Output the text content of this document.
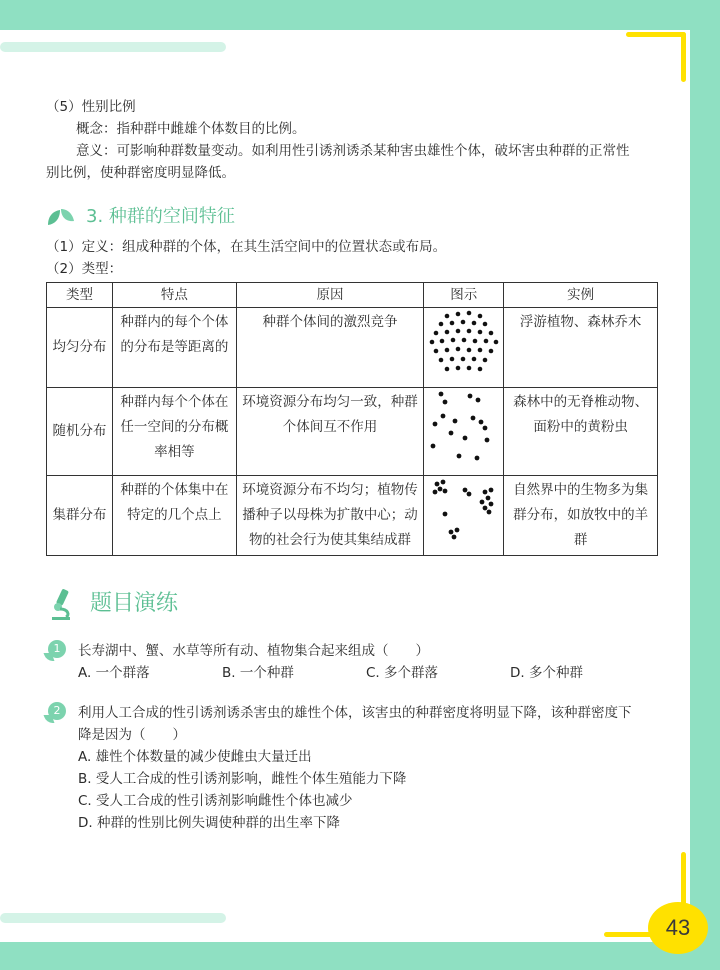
（5）性别比例

概念：指种群中雌雄个体数目的比例。

意义：可影响种群数量变动。如利用性引诱剂诱杀某种害虫雄性个体，破坏害虫种群的正常性

别比例，使种群密度明显降低。

3. 种群的空间特征

（1）定义：组成种群的个体，在其生活空间中的位置状态或布局。

（2）类型：

类型	特点	原因	图示	实例
均匀分布	种群内的每个个体的分布是等距离的	种群个体间的激烈竞争		浮游植物、森林乔木
随机分布	种群内每个个体在任一空间的分布概率相等	环境资源分布均匀一致，种群个体间互不作用		森林中的无脊椎动物、面粉中的黄粉虫
集群分布	种群的个体集中在特定的几个点上	环境资源分布不均匀；植物传播种子以母株为扩散中心；动物的社会行为使其集结成群		自然界中的生物多为集群分布，如放牧中的羊群
题目演练
1	长寿湖中、蟹、水草等所有动、植物集合起来组成（　　）

A. 一个群落	B. 一个种群	C. 多个群落	D. 多个种群
2	利用人工合成的性引诱剂诱杀害虫的雄性个体，该害虫的种群密度将明显下降，该种群密度下

降是因为（　　）

A. 雄性个体数量的减少使雌虫大量迁出

B. 受人工合成的性引诱剂影响，雌性个体生殖能力下降

C. 受人工合成的性引诱剂影响雌性个体也减少

D. 种群的性别比例失调使种群的出生率下降

43
